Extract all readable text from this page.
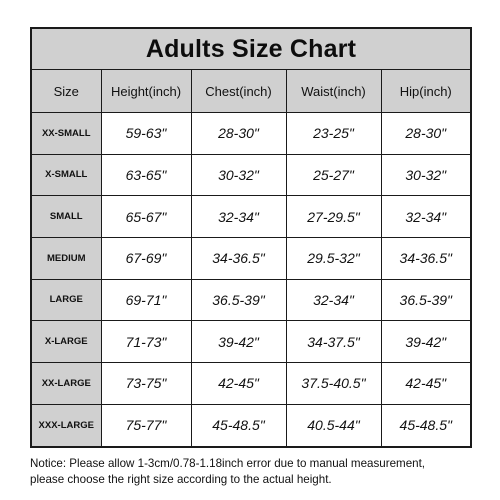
Adults Size Chart				
Size	Height(inch)	Chest(inch)	Waist(inch)	Hip(inch)
XX-SMALL	59-63"	28-30"	23-25"	28-30"
X-SMALL	63-65"	30-32"	25-27"	30-32"
SMALL	65-67"	32-34"	27-29.5"	32-34"
MEDIUM	67-69"	34-36.5"	29.5-32"	34-36.5"
LARGE	69-71"	36.5-39"	32-34"	36.5-39"
X-LARGE	71-73"	39-42"	34-37.5"	39-42"
XX-LARGE	73-75"	42-45"	37.5-40.5"	42-45"
XXX-LARGE	75-77"	45-48.5"	40.5-44"	45-48.5"
Notice: Please allow 1-3cm/0.78-1.18inch error due to manual measurement,
please choose the right size according to the actual height.
